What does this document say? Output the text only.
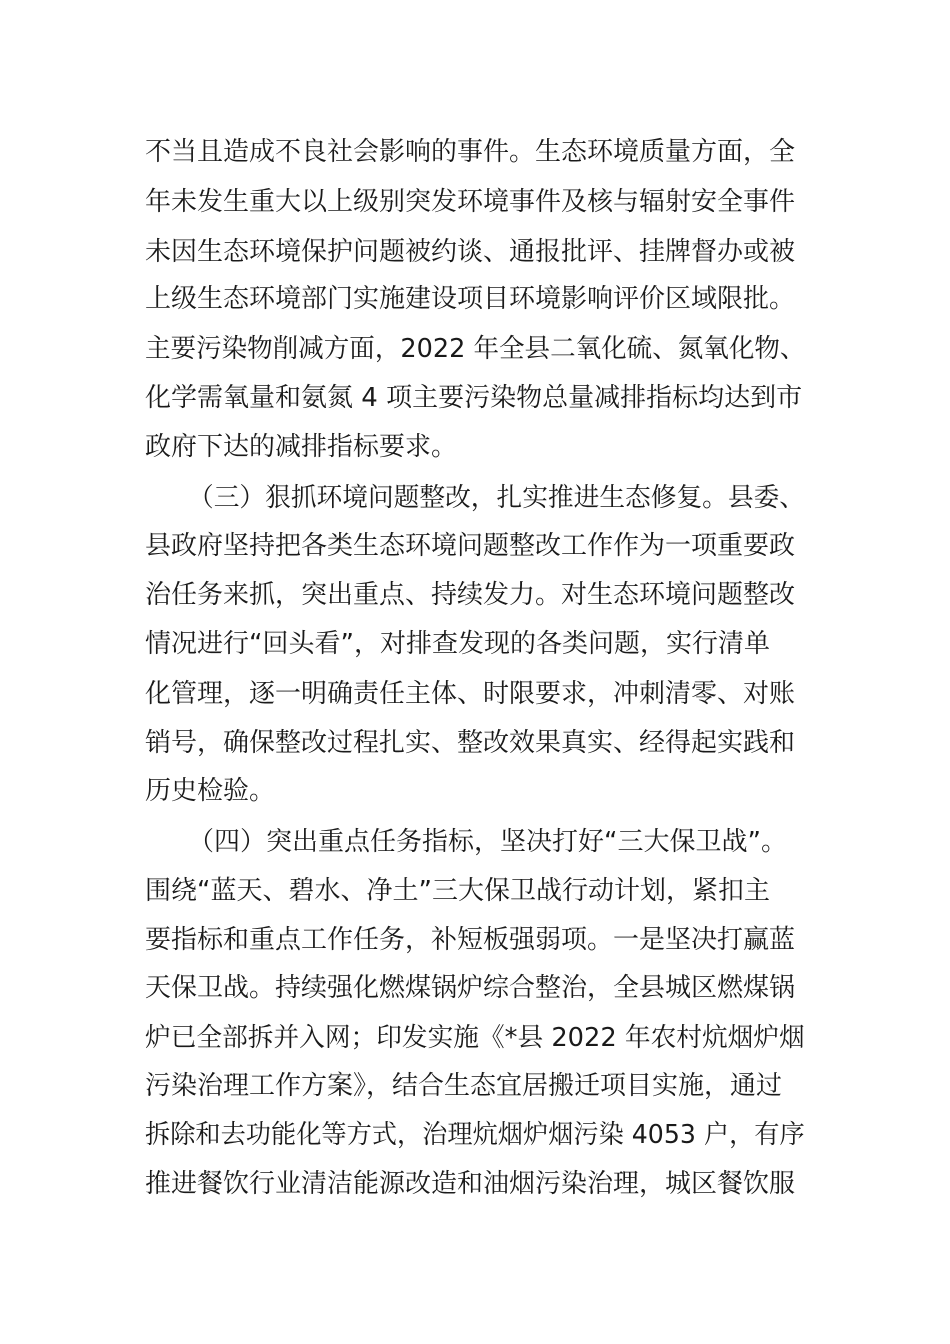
不当且造成不良社会影响的事件。生态环境质量方面，全
年未发生重大以上级别突发环境事件及核与辐射安全事件
未因生态环境保护问题被约谈、通报批评、挂牌督办或被
上级生态环境部门实施建设项目环境影响评价区域限批。
主要污染物削减方面，2022 年全县二氧化硫、氮氧化物、
化学需氧量和氨氮 4 项主要污染物总量减排指标均达到市
政府下达的减排指标要求。
（三）狠抓环境问题整改，扎实推进生态修复。县委、
县政府坚持把各类生态环境问题整改工作作为一项重要政
治任务来抓，突出重点、持续发力。对生态环境问题整改
情况进行“回头看”，对排查发现的各类问题，实行清单
化管理，逐一明确责任主体、时限要求，冲刺清零、对账
销号，确保整改过程扎实、整改效果真实、经得起实践和
历史检验。
（四）突出重点任务指标，坚决打好“三大保卫战”。
围绕“蓝天、碧水、净土”三大保卫战行动计划，紧扣主
要指标和重点工作任务，补短板强弱项。一是坚决打赢蓝
天保卫战。持续强化燃煤锅炉综合整治，全县城区燃煤锅
炉已全部拆并入网；印发实施《*县 2022 年农村炕烟炉烟
污染治理工作方案》，结合生态宜居搬迁项目实施，通过
拆除和去功能化等方式，治理炕烟炉烟污染 4053 户，有序
推进餐饮行业清洁能源改造和油烟污染治理，城区餐饮服
